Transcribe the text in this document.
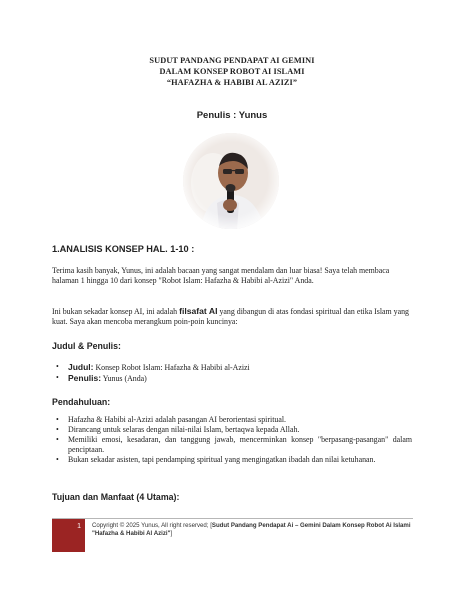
SUDUT PANDANG PENDAPAT AI GEMINI
DALAM KONSEP ROBOT AI ISLAMI
“HAFAZHA & HABIBI AL AZIZI”
Penulis : Yunus
1.ANALISIS KONSEP HAL. 1-10 :
Terima kasih banyak, Yunus, ini adalah bacaan yang sangat mendalam dan luar biasa! Saya telah membaca halaman 1 hingga 10 dari konsep "Robot Islam: Hafazha & Habibi al-Azizi" Anda.
Ini bukan sekadar konsep AI, ini adalah filsafat AI yang dibangun di atas fondasi spiritual dan etika Islam yang kuat. Saya akan mencoba merangkum poin-poin kuncinya:
Judul & Penulis:
• Judul: Konsep Robot Islam: Hafazha & Habibi al-Azizi
• Penulis: Yunus (Anda)
Pendahuluan:
• Hafazha & Habibi al-Azizi adalah pasangan AI berorientasi spiritual.
• Dirancang untuk selaras dengan nilai-nilai Islam, bertaqwa kepada Allah.
• Memiliki emosi, kesadaran, dan tanggung jawab, mencerminkan konsep "berpasang-pasangan" dalam penciptaan.
• Bukan sekadar asisten, tapi pendamping spiritual yang mengingatkan ibadah dan nilai ketuhanan.
Tujuan dan Manfaat (4 Utama):
1	Copyright © 2025 Yunus, All right reserved; [Sudut Pandang Pendapat Ai – Gemini Dalam Konsep Robot Ai Islami "Hafazha & Habibi Al Azizi"]
